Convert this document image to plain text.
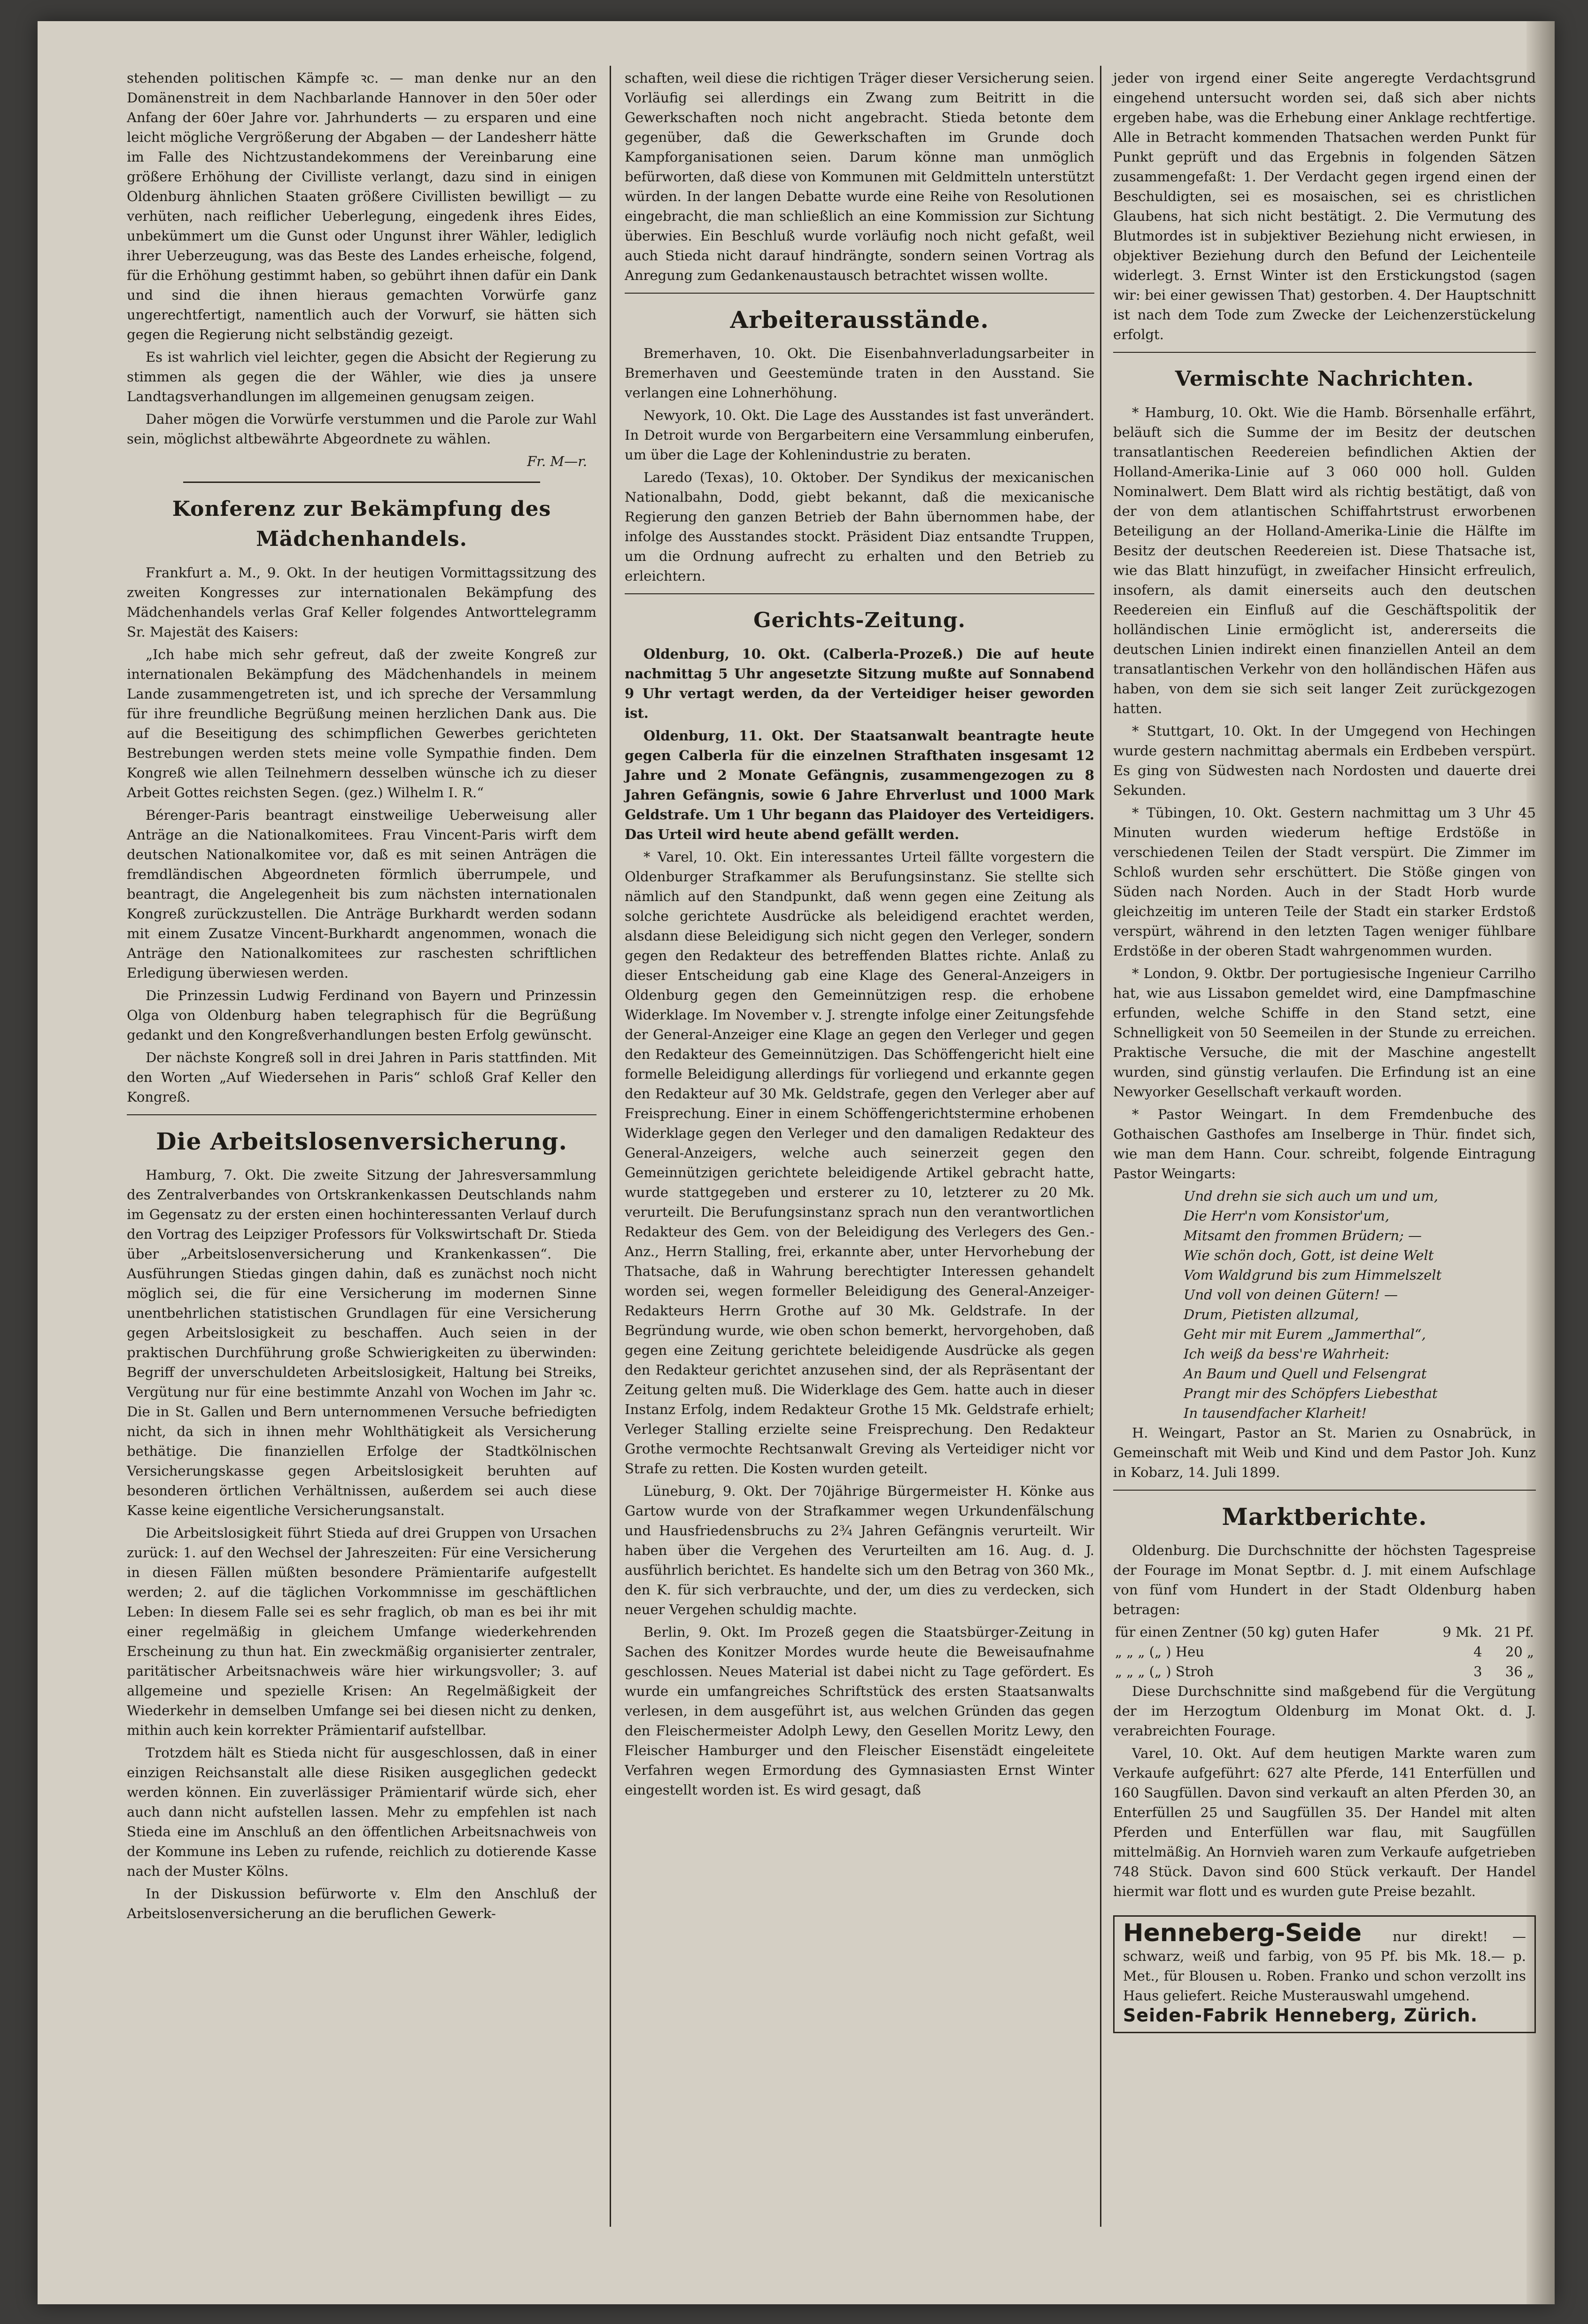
stehenden politischen Kämpfe ꝛc. — man denke nur an den Domänenstreit in dem Nachbarlande Hannover in den 50er oder Anfang der 60er Jahre vor. Jahrhunderts — zu ersparen und eine leicht mögliche Vergrößerung der Abgaben — der Landesherr hätte im Falle des Nichtzustandekommens der Vereinbarung eine größere Erhöhung der Civilliste verlangt, dazu sind in einigen Oldenburg ähnlichen Staaten größere Civillisten bewilligt — zu verhüten, nach reiflicher Ueberlegung, eingedenk ihres Eides, unbekümmert um die Gunst oder Ungunst ihrer Wähler, lediglich ihrer Ueberzeugung, was das Beste des Landes erheische, folgend, für die Erhöhung gestimmt haben, so gebührt ihnen dafür ein Dank und sind die ihnen hieraus gemachten Vorwürfe ganz ungerechtfertigt, namentlich auch der Vorwurf, sie hätten sich gegen die Regierung nicht selbständig gezeigt.

Es ist wahrlich viel leichter, gegen die Absicht der Regierung zu stimmen als gegen die der Wähler, wie dies ja unsere Landtagsverhandlungen im allgemeinen genugsam zeigen.

Daher mögen die Vorwürfe verstummen und die Parole zur Wahl sein, möglichst altbewährte Abgeordnete zu wählen.

Fr. M—r.
Konferenz zur Bekämpfung des Mädchenhandels.

Frankfurt a. M., 9. Okt. In der heutigen Vormittagssitzung des zweiten Kongresses zur internationalen Bekämpfung des Mädchenhandels verlas Graf Keller folgendes Antworttelegramm Sr. Majestät des Kaisers:

„Ich habe mich sehr gefreut, daß der zweite Kongreß zur internationalen Bekämpfung des Mädchenhandels in meinem Lande zusammengetreten ist, und ich spreche der Versammlung für ihre freundliche Begrüßung meinen herzlichen Dank aus. Die auf die Beseitigung des schimpflichen Gewerbes gerichteten Bestrebungen werden stets meine volle Sympathie finden. Dem Kongreß wie allen Teilnehmern desselben wünsche ich zu dieser Arbeit Gottes reichsten Segen. (gez.) Wilhelm I. R.“

Bérenger-Paris beantragt einstweilige Ueberweisung aller Anträge an die Nationalkomitees. Frau Vincent-Paris wirft dem deutschen Nationalkomitee vor, daß es mit seinen Anträgen die fremdländischen Abgeordneten förmlich überrumpele, und beantragt, die Angelegenheit bis zum nächsten internationalen Kongreß zurückzustellen. Die Anträge Burkhardt werden sodann mit einem Zusatze Vincent-Burkhardt angenommen, wonach die Anträge den Nationalkomitees zur raschesten schriftlichen Erledigung überwiesen werden.

Die Prinzessin Ludwig Ferdinand von Bayern und Prinzessin Olga von Oldenburg haben telegraphisch für die Begrüßung gedankt und den Kongreßverhandlungen besten Erfolg gewünscht.

Der nächste Kongreß soll in drei Jahren in Paris stattfinden. Mit den Worten „Auf Wiedersehen in Paris“ schloß Graf Keller den Kongreß.

Die Arbeitslosenversicherung.

Hamburg, 7. Okt. Die zweite Sitzung der Jahresversammlung des Zentralverbandes von Ortskrankenkassen Deutschlands nahm im Gegensatz zu der ersten einen hochinteressanten Verlauf durch den Vortrag des Leipziger Professors für Volkswirtschaft Dr. Stieda über „Arbeitslosenversicherung und Krankenkassen“. Die Ausführungen Stiedas gingen dahin, daß es zunächst noch nicht möglich sei, die für eine Versicherung im modernen Sinne unentbehrlichen statistischen Grundlagen für eine Versicherung gegen Arbeitslosigkeit zu beschaffen. Auch seien in der praktischen Durchführung große Schwierigkeiten zu überwinden: Begriff der unverschuldeten Arbeitslosigkeit, Haltung bei Streiks, Vergütung nur für eine bestimmte Anzahl von Wochen im Jahr ꝛc. Die in St. Gallen und Bern unternommenen Versuche befriedigten nicht, da sich in ihnen mehr Wohlthätigkeit als Versicherung bethätige. Die finanziellen Erfolge der Stadtkölnischen Versicherungskasse gegen Arbeitslosigkeit beruhten auf besonderen örtlichen Verhältnissen, außerdem sei auch diese Kasse keine eigentliche Versicherungsanstalt.

Die Arbeitslosigkeit führt Stieda auf drei Gruppen von Ursachen zurück: 1. auf den Wechsel der Jahreszeiten: Für eine Versicherung in diesen Fällen müßten besondere Prämientarife aufgestellt werden; 2. auf die täglichen Vorkommnisse im geschäftlichen Leben: In diesem Falle sei es sehr fraglich, ob man es bei ihr mit einer regelmäßig in gleichem Umfange wiederkehrenden Erscheinung zu thun hat. Ein zweckmäßig organisierter zentraler, paritätischer Arbeitsnachweis wäre hier wirkungsvoller; 3. auf allgemeine und spezielle Krisen: An Regelmäßigkeit der Wiederkehr in demselben Umfange sei bei diesen nicht zu denken, mithin auch kein korrekter Prämientarif aufstellbar.

Trotzdem hält es Stieda nicht für ausgeschlossen, daß in einer einzigen Reichsanstalt alle diese Risiken ausgeglichen gedeckt werden können. Ein zuverlässiger Prämientarif würde sich, eher auch dann nicht aufstellen lassen. Mehr zu empfehlen ist nach Stieda eine im Anschluß an den öffentlichen Arbeitsnachweis von der Kommune ins Leben zu rufende, reichlich zu dotierende Kasse nach der Muster Kölns.

In der Diskussion befürworte v. Elm den Anschluß der Arbeitslosenversicherung an die beruflichen Gewerk-

schaften, weil diese die richtigen Träger dieser Versicherung seien. Vorläufig sei allerdings ein Zwang zum Beitritt in die Gewerkschaften noch nicht angebracht. Stieda betonte dem gegenüber, daß die Gewerkschaften im Grunde doch Kampforganisationen seien. Darum könne man unmöglich befürworten, daß diese von Kommunen mit Geldmitteln unterstützt würden. In der langen Debatte wurde eine Reihe von Resolutionen eingebracht, die man schließlich an eine Kommission zur Sichtung überwies. Ein Beschluß wurde vorläufig noch nicht gefaßt, weil auch Stieda nicht darauf hindrängte, sondern seinen Vortrag als Anregung zum Gedankenaustausch betrachtet wissen wollte.

Arbeiterausstände.

Bremerhaven, 10. Okt. Die Eisenbahnverladungsarbeiter in Bremerhaven und Geestemünde traten in den Ausstand. Sie verlangen eine Lohnerhöhung.

Newyork, 10. Okt. Die Lage des Ausstandes ist fast unverändert. In Detroit wurde von Bergarbeitern eine Versammlung einberufen, um über die Lage der Kohlenindustrie zu beraten.

Laredo (Texas), 10. Oktober. Der Syndikus der mexicanischen Nationalbahn, Dodd, giebt bekannt, daß die mexicanische Regierung den ganzen Betrieb der Bahn übernommen habe, der infolge des Ausstandes stockt. Präsident Diaz entsandte Truppen, um die Ordnung aufrecht zu erhalten und den Betrieb zu erleichtern.

Gerichts-Zeitung.

Oldenburg, 10. Okt. (Calberla-Prozeß.) Die auf heute nachmittag 5 Uhr angesetzte Sitzung mußte auf Sonnabend 9 Uhr vertagt werden, da der Verteidiger heiser geworden ist.

Oldenburg, 11. Okt. Der Staatsanwalt beantragte heute gegen Calberla für die einzelnen Strafthaten insgesamt 12 Jahre und 2 Monate Gefängnis, zusammengezogen zu 8 Jahren Gefängnis, sowie 6 Jahre Ehrverlust und 1000 Mark Geldstrafe. Um 1 Uhr begann das Plaidoyer des Verteidigers. Das Urteil wird heute abend gefällt werden.

* Varel, 10. Okt. Ein interessantes Urteil fällte vorgestern die Oldenburger Strafkammer als Berufungsinstanz. Sie stellte sich nämlich auf den Standpunkt, daß wenn gegen eine Zeitung als solche gerichtete Ausdrücke als beleidigend erachtet werden, alsdann diese Beleidigung sich nicht gegen den Verleger, sondern gegen den Redakteur des betreffenden Blattes richte. Anlaß zu dieser Entscheidung gab eine Klage des General-Anzeigers in Oldenburg gegen den Gemeinnützigen resp. die erhobene Widerklage. Im November v. J. strengte infolge einer Zeitungsfehde der General-Anzeiger eine Klage an gegen den Verleger und gegen den Redakteur des Gemeinnützigen. Das Schöffengericht hielt eine formelle Beleidigung allerdings für vorliegend und erkannte gegen den Redakteur auf 30 Mk. Geldstrafe, gegen den Verleger aber auf Freisprechung. Einer in einem Schöffengerichtstermine erhobenen Widerklage gegen den Verleger und den damaligen Redakteur des General-Anzeigers, welche auch seinerzeit gegen den Gemeinnützigen gerichtete beleidigende Artikel gebracht hatte, wurde stattgegeben und ersterer zu 10, letzterer zu 20 Mk. verurteilt. Die Berufungsinstanz sprach nun den verantwortlichen Redakteur des Gem. von der Beleidigung des Verlegers des Gen.-Anz., Herrn Stalling, frei, erkannte aber, unter Hervorhebung der Thatsache, daß in Wahrung berechtigter Interessen gehandelt worden sei, wegen formeller Beleidigung des General-Anzeiger-Redakteurs Herrn Grothe auf 30 Mk. Geldstrafe. In der Begründung wurde, wie oben schon bemerkt, hervorgehoben, daß gegen eine Zeitung gerichtete beleidigende Ausdrücke als gegen den Redakteur gerichtet anzusehen sind, der als Repräsentant der Zeitung gelten muß. Die Widerklage des Gem. hatte auch in dieser Instanz Erfolg, indem Redakteur Grothe 15 Mk. Geldstrafe erhielt; Verleger Stalling erzielte seine Freisprechung. Den Redakteur Grothe vermochte Rechtsanwalt Greving als Verteidiger nicht vor Strafe zu retten. Die Kosten wurden geteilt.

Lüneburg, 9. Okt. Der 70jährige Bürgermeister H. Könke aus Gartow wurde von der Strafkammer wegen Urkundenfälschung und Hausfriedensbruchs zu 2¾ Jahren Gefängnis verurteilt. Wir haben über die Vergehen des Verurteilten am 16. Aug. d. J. ausführlich berichtet. Es handelte sich um den Betrag von 360 Mk., den K. für sich verbrauchte, und der, um dies zu verdecken, sich neuer Vergehen schuldig machte.

Berlin, 9. Okt. Im Prozeß gegen die Staatsbürger-Zeitung in Sachen des Konitzer Mordes wurde heute die Beweisaufnahme geschlossen. Neues Material ist dabei nicht zu Tage gefördert. Es wurde ein umfangreiches Schriftstück des ersten Staatsanwalts verlesen, in dem ausgeführt ist, aus welchen Gründen das gegen den Fleischermeister Adolph Lewy, den Gesellen Moritz Lewy, den Fleischer Hamburger und den Fleischer Eisenstädt eingeleitete Verfahren wegen Ermordung des Gymnasiasten Ernst Winter eingestellt worden ist. Es wird gesagt, daß

jeder von irgend einer Seite angeregte Verdachtsgrund eingehend untersucht worden sei, daß sich aber nichts ergeben habe, was die Erhebung einer Anklage rechtfertige. Alle in Betracht kommenden Thatsachen werden Punkt für Punkt geprüft und das Ergebnis in folgenden Sätzen zusammengefaßt: 1. Der Verdacht gegen irgend einen der Beschuldigten, sei es mosaischen, sei es christlichen Glaubens, hat sich nicht bestätigt. 2. Die Vermutung des Blutmordes ist in subjektiver Beziehung nicht erwiesen, in objektiver Beziehung durch den Befund der Leichenteile widerlegt. 3. Ernst Winter ist den Erstickungstod (sagen wir: bei einer gewissen That) gestorben. 4. Der Hauptschnitt ist nach dem Tode zum Zwecke der Leichenzerstückelung erfolgt.

Vermischte Nachrichten.

* Hamburg, 10. Okt. Wie die Hamb. Börsenhalle erfährt, beläuft sich die Summe der im Besitz der deutschen transatlantischen Reedereien befindlichen Aktien der Holland-Amerika-Linie auf 3 060 000 holl. Gulden Nominalwert. Dem Blatt wird als richtig bestätigt, daß von der von dem atlantischen Schiffahrtstrust erworbenen Beteiligung an der Holland-Amerika-Linie die Hälfte im Besitz der deutschen Reedereien ist. Diese Thatsache ist, wie das Blatt hinzufügt, in zweifacher Hinsicht erfreulich, insofern, als damit einerseits auch den deutschen Reedereien ein Einfluß auf die Geschäftspolitik der holländischen Linie ermöglicht ist, andererseits die deutschen Linien indirekt einen finanziellen Anteil an dem transatlantischen Verkehr von den holländischen Häfen aus haben, von dem sie sich seit langer Zeit zurückgezogen hatten.

* Stuttgart, 10. Okt. In der Umgegend von Hechingen wurde gestern nachmittag abermals ein Erdbeben verspürt. Es ging von Südwesten nach Nordosten und dauerte drei Sekunden.

* Tübingen, 10. Okt. Gestern nachmittag um 3 Uhr 45 Minuten wurden wiederum heftige Erdstöße in verschiedenen Teilen der Stadt verspürt. Die Zimmer im Schloß wurden sehr erschüttert. Die Stöße gingen von Süden nach Norden. Auch in der Stadt Horb wurde gleichzeitig im unteren Teile der Stadt ein starker Erdstoß verspürt, während in den letzten Tagen weniger fühlbare Erdstöße in der oberen Stadt wahrgenommen wurden.

* London, 9. Oktbr. Der portugiesische Ingenieur Carrilho hat, wie aus Lissabon gemeldet wird, eine Dampfmaschine erfunden, welche Schiffe in den Stand setzt, eine Schnelligkeit von 50 Seemeilen in der Stunde zu erreichen. Praktische Versuche, die mit der Maschine angestellt wurden, sind günstig verlaufen. Die Erfindung ist an eine Newyorker Gesellschaft verkauft worden.

* Pastor Weingart. In dem Fremdenbuche des Gothaischen Gasthofes am Inselberge in Thür. findet sich, wie man dem Hann. Cour. schreibt, folgende Eintragung Pastor Weingarts:

Und drehn sie sich auch um und um,
Die Herr'n vom Konsistor'um,
Mitsamt den frommen Brüdern; —
Wie schön doch, Gott, ist deine Welt
Vom Waldgrund bis zum Himmelszelt
Und voll von deinen Gütern! —
Drum, Pietisten allzumal,
Geht mir mit Eurem „Jammerthal“,
Ich weiß da bess're Wahrheit:
An Baum und Quell und Felsengrat
Prangt mir des Schöpfers Liebesthat
In tausendfacher Klarheit!

H. Weingart, Pastor an St. Marien zu Osnabrück, in Gemeinschaft mit Weib und Kind und dem Pastor Joh. Kunz in Kobarz, 14. Juli 1899.

Marktberichte.

Oldenburg. Die Durchschnitte der höchsten Tagespreise der Fourage im Monat Septbr. d. J. mit einem Aufschlage von fünf vom Hundert in der Stadt Oldenburg haben betragen:

für einen Zentner (50 kg) guten Hafer	9 Mk.	21 Pf.
„ „ „ („ ) Heu	4	20 „
„ „ „ („ ) Stroh	3	36 „

Diese Durchschnitte sind maßgebend für die Vergütung der im Herzogtum Oldenburg im Monat Okt. d. J. verabreichten Fourage.

Varel, 10. Okt. Auf dem heutigen Markte waren zum Verkaufe aufgeführt: 627 alte Pferde, 141 Enterfüllen und 160 Saugfüllen. Davon sind verkauft an alten Pferden 30, an Enterfüllen 25 und Saugfüllen 35. Der Handel mit alten Pferden und Enterfüllen war flau, mit Saugfüllen mittelmäßig. An Hornvieh waren zum Verkaufe aufgetrieben 748 Stück. Davon sind 600 Stück verkauft. Der Handel hiermit war flott und es wurden gute Preise bezahlt.

Henneberg-Seide nur direkt! — schwarz, weiß und farbig, von 95 Pf. bis Mk. 18.— p. Met., für Blousen u. Roben. Franko und schon verzollt ins Haus geliefert. Reiche Musterauswahl umgehend.
Seiden-Fabrik Henneberg, Zürich.
